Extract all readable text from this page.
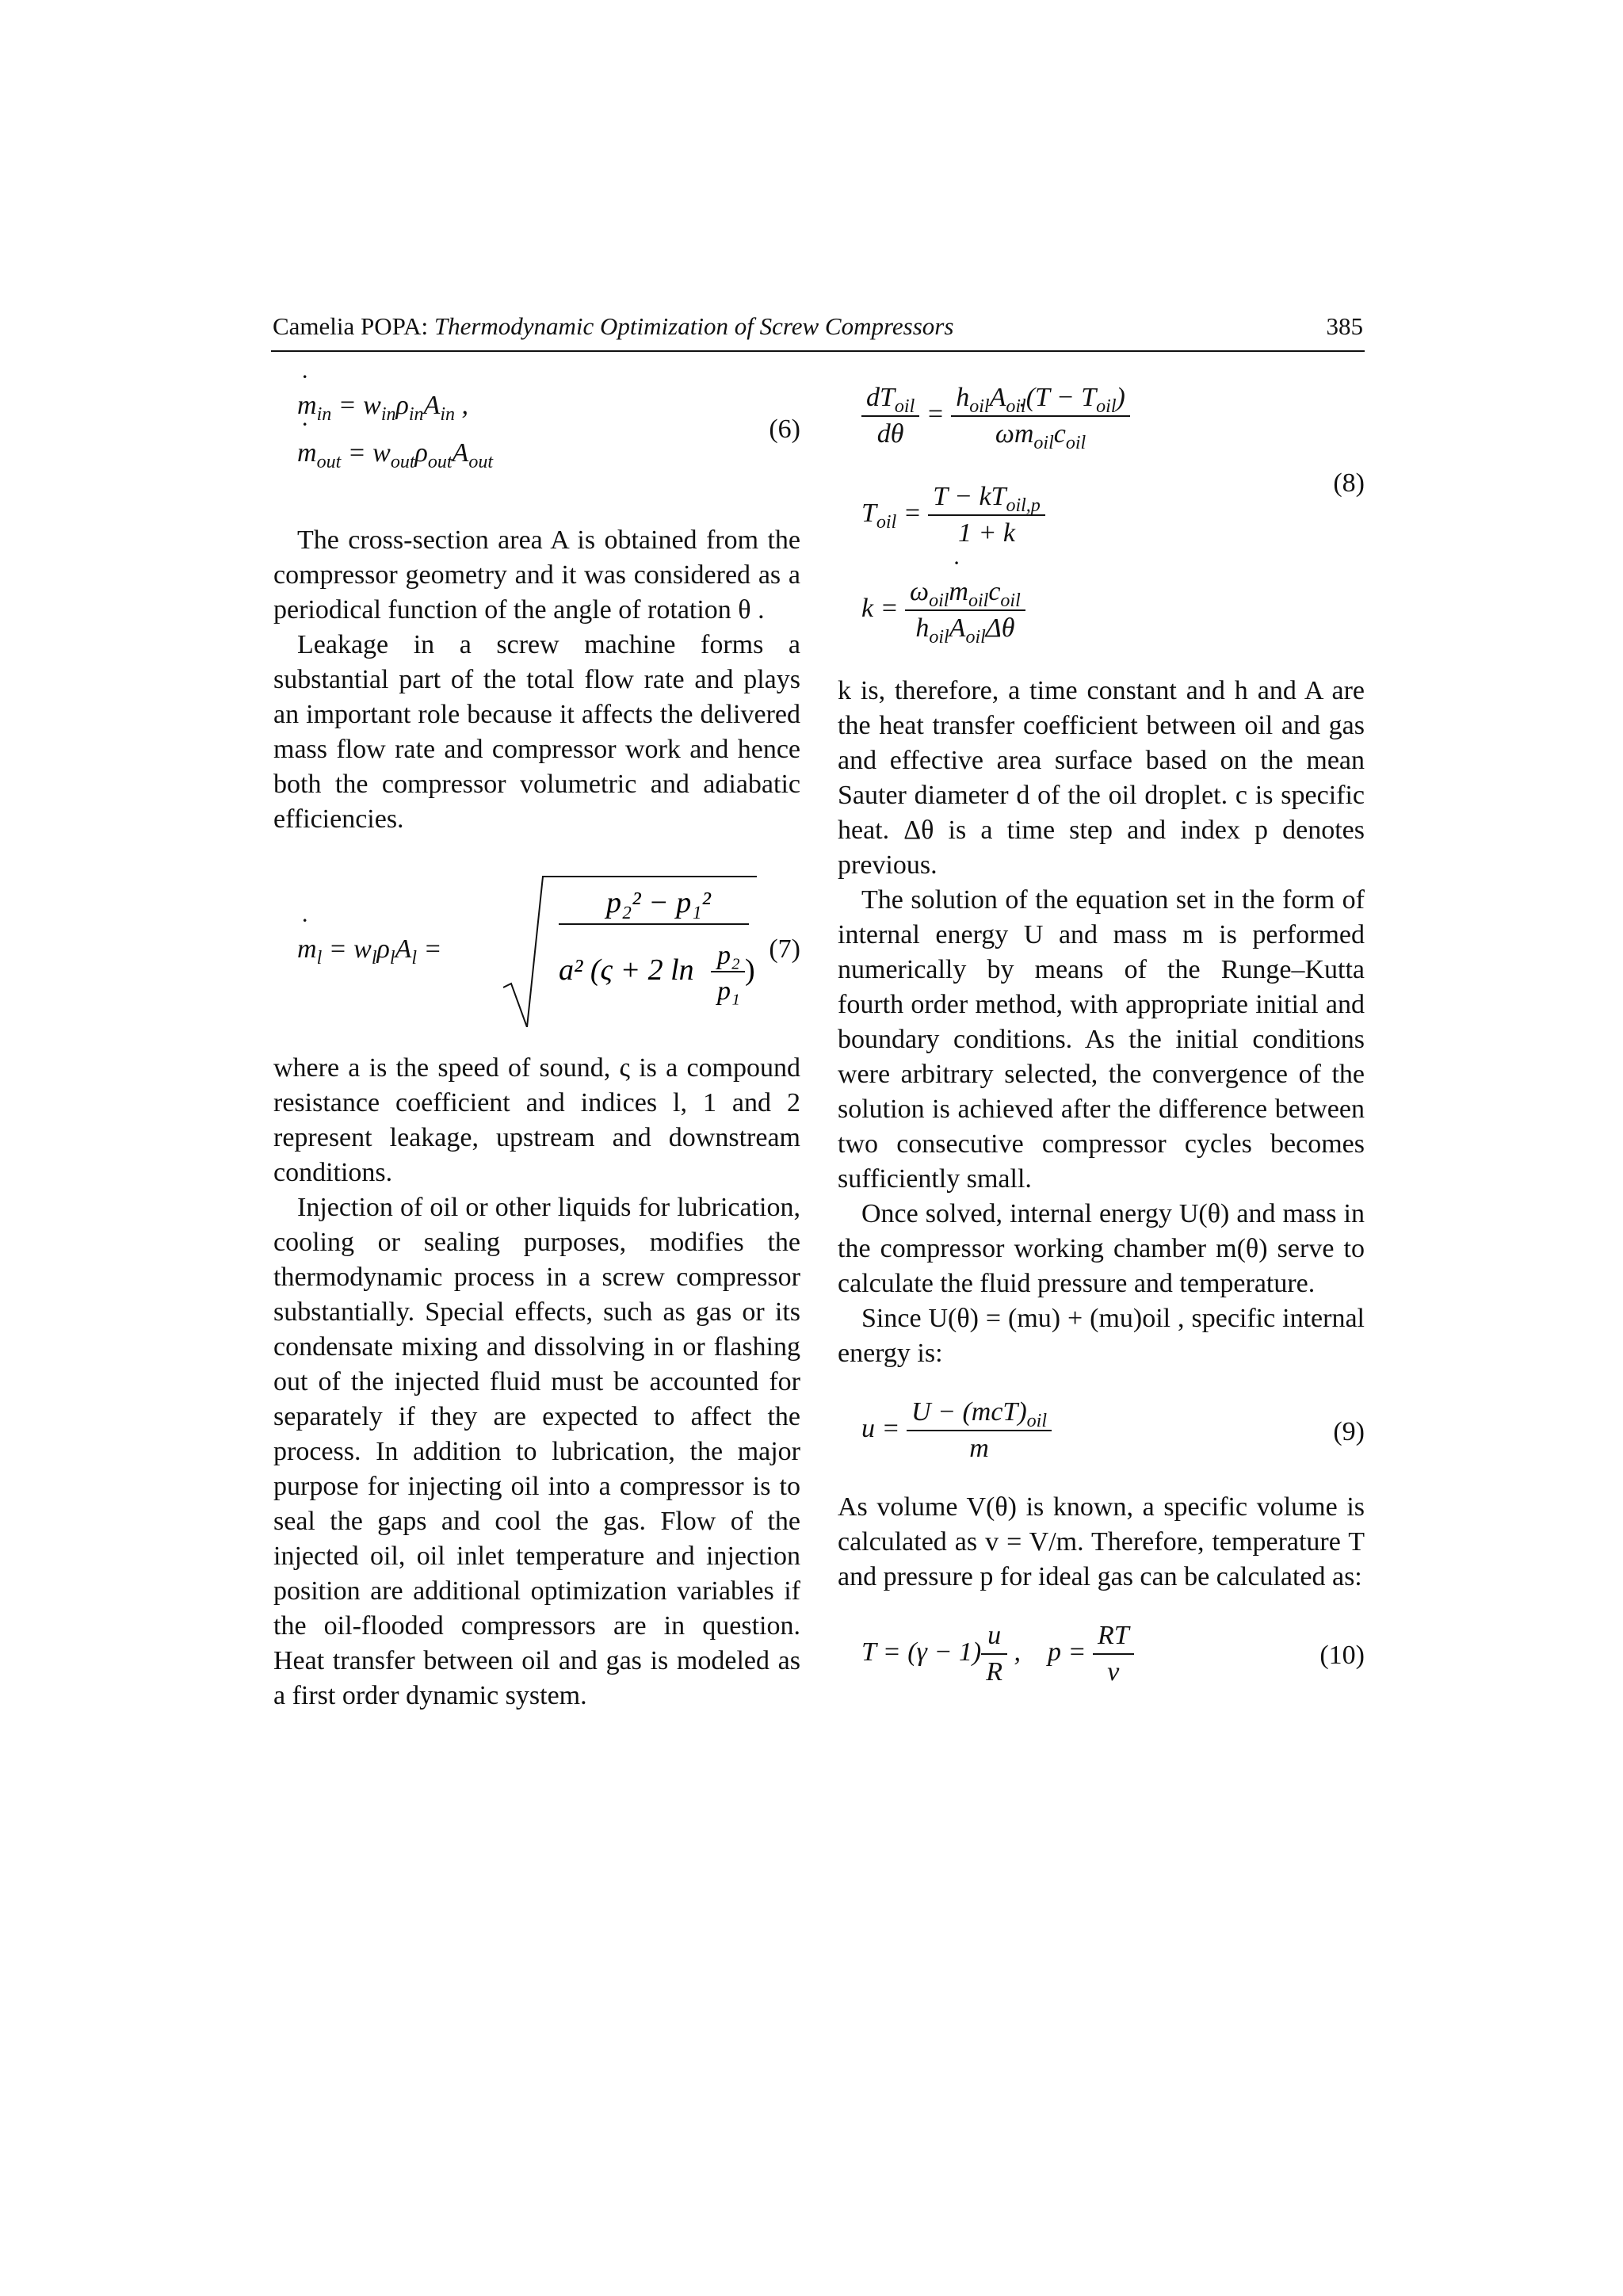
Camelia POPA: Thermodynamic Optimization of Screw Compressors	385
˙ $m_{in} = w_{in}\rho_{in}A_{in}$ ,
˙ $m_{out} = w_{out}\rho_{out}A_{out}$
(6)

The cross-section area A is obtained from the compressor geometry and it was considered as a periodical function of the angle of rotation θ .

Leakage in a screw machine forms a substantial part of the total flow rate and plays an important role because it affects the delivered mass flow rate and compressor work and hence both the compressor volumetric and adiabatic efficiencies.

˙ $m_l = w_l\rho_lA_l$ =
p₂² − p₁²
a² (ς + 2 ln p₂
p₁
)
(7)

where a is the speed of sound, ς is a compound resistance coefficient and indices l, 1 and 2 represent leakage, upstream and downstream conditions.

Injection of oil or other liquids for lubrication, cooling or sealing purposes, modifies the thermodynamic process in a screw compressor substantially. Special effects, such as gas or its condensate mixing and dissolving in or flashing out of the injected fluid must be accounted for separately if they are expected to affect the process. In addition to lubrication, the major purpose for injecting oil into a compressor is to seal the gaps and cool the gas. Flow of the injected oil, oil inlet temperature and injection position are additional optimization variables if the oil-flooded compressors are in question. Heat transfer between oil and gas is modeled as a first order dynamic system.

$\frac{dT_{oil}}{d\theta} = \frac{h_{oil}A_{oil}(T - T_{oil})}{\omega˙ m_{oil}c_{oil}}$
$T_{oil} = \frac{T - kT_{oil,p}}{1 + k}$
$k = \frac{\omega_{oil}˙ m_{oil}c_{oil}}{h_{oil}A_{oil}\Delta\theta}$
(8)

k is, therefore, a time constant and h and A are the heat transfer coefficient between oil and gas and effective area surface based on the mean Sauter diameter d of the oil droplet. c is specific heat. Δθ is a time step and index p denotes previous.

The solution of the equation set in the form of internal energy U and mass m is performed numerically by means of the Runge–Kutta fourth order method, with appropriate initial and boundary conditions. As the initial conditions were arbitrary selected, the convergence of the solution is achieved after the difference between two consecutive compressor cycles becomes sufficiently small.

Once solved, internal energy U(θ) and mass in the compressor working chamber m(θ) serve to calculate the fluid pressure and temperature.

Since U(θ) = (mu) + (mu)oil , specific internal energy is:

$u = \frac{U - (mcT)_{oil}}{m}$	(9)

As volume V(θ) is known, a specific volume is calculated as v = V/m. Therefore, temperature T and pressure p for ideal gas can be calculated as:

$T = (\gamma - 1) \frac{u}{R}$ ,    $p = \frac{RT}{v}$	(10)
